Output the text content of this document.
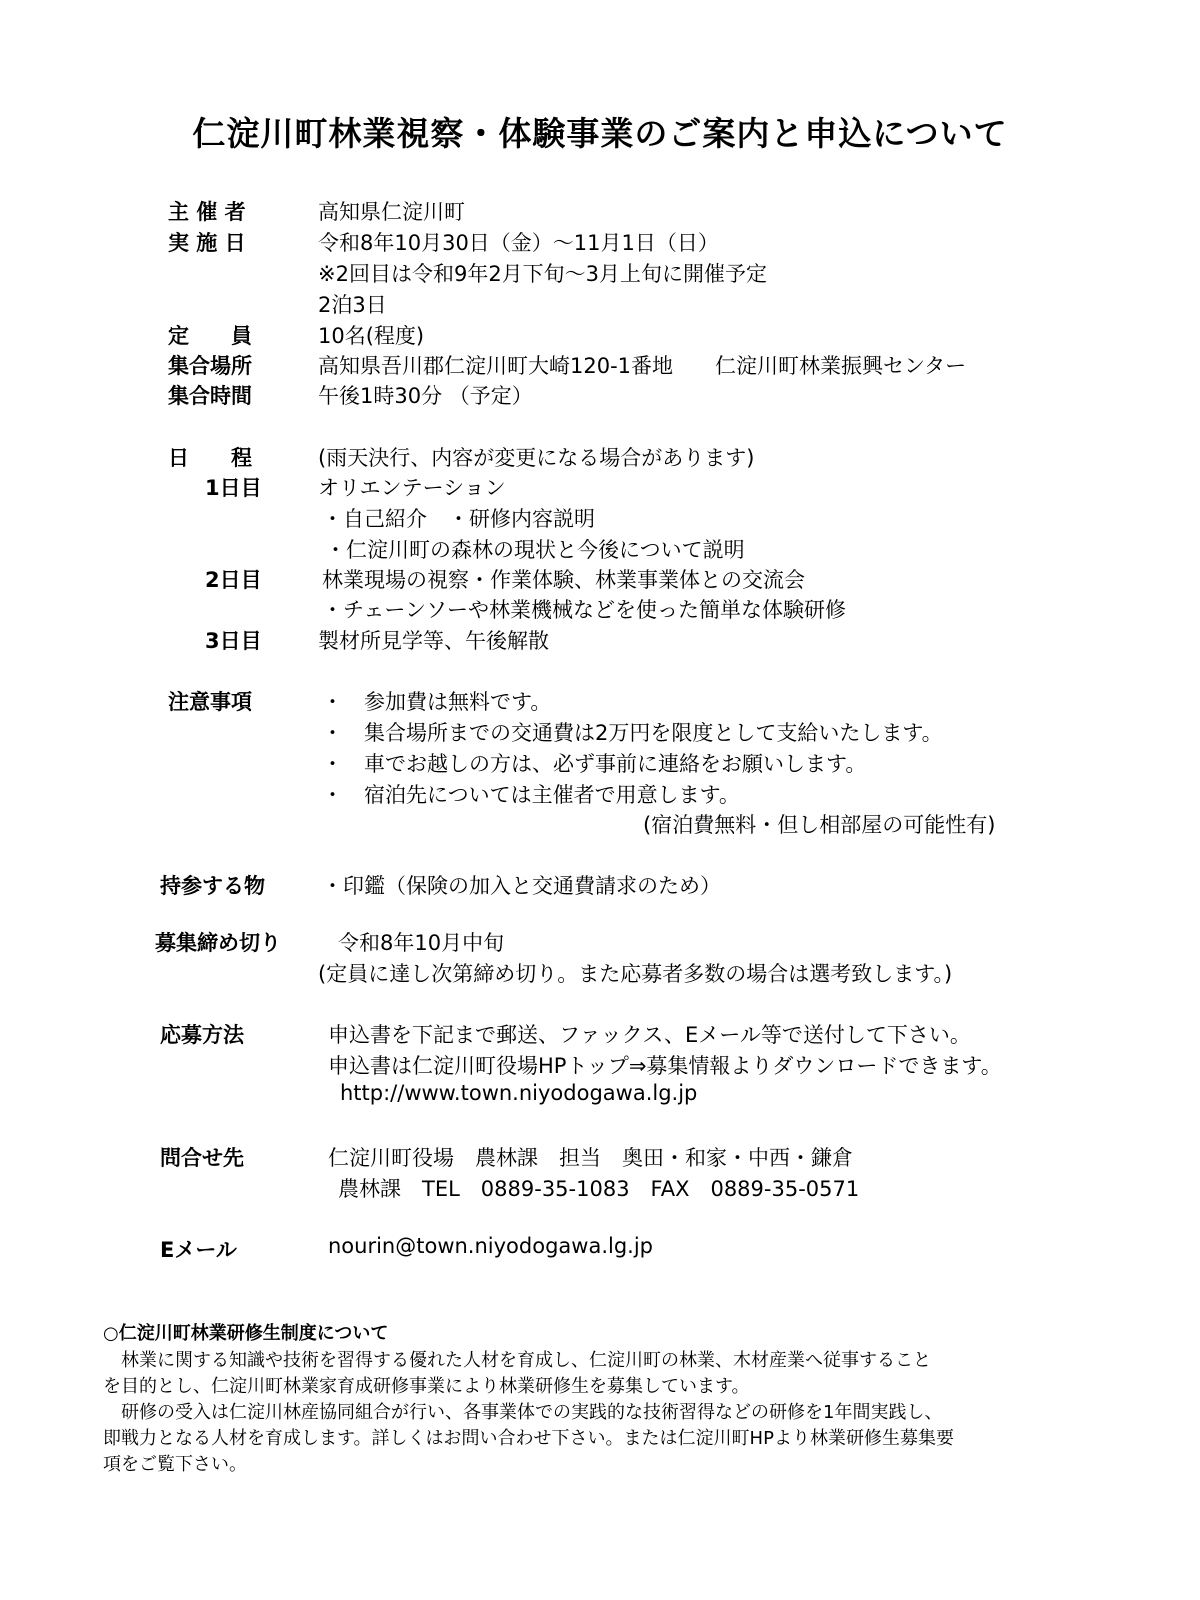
仁淀川町林業視察・体験事業のご案内と申込について
主 催 者	高知県仁淀川町
実 施 日	令和8年10月30日（金）～11月1日（日）
※2回目は令和9年2月下旬～3月上旬に開催予定
2泊3日
定　　員	10名(程度)
集合場所	高知県吾川郡仁淀川町大崎120-1番地　　仁淀川町林業振興センター
集合時間	午後1時30分 （予定）
日　　程	(雨天決行、内容が変更になる場合があります)
1日目	オリエンテーション
・自己紹介　・研修内容説明
・仁淀川町の森林の現状と今後について説明
2日目	林業現場の視察・作業体験、林業事業体との交流会
・チェーンソーや林業機械などを使った簡単な体験研修
3日目	製材所見学等、午後解散
注意事項	・　参加費は無料です。
・　集合場所までの交通費は2万円を限度として支給いたします。
・　車でお越しの方は、必ず事前に連絡をお願いします。
・　宿泊先については主催者で用意します。
(宿泊費無料・但し相部屋の可能性有)
持参する物	・印鑑（保険の加入と交通費請求のため）
募集締め切り	令和8年10月中旬
(定員に達し次第締め切り。また応募者多数の場合は選考致します。)
応募方法	申込書を下記まで郵送、ファックス、Eメール等で送付して下さい。
申込書は仁淀川町役場HPトップ⇒募集情報よりダウンロードできます。
http://www.town.niyodogawa.lg.jp
問合せ先	仁淀川町役場　農林課　担当　奥田・和家・中西・鎌倉
農林課　TEL　0889-35-1083　FAX　0889-35-0571
Eメール	nourin@town.niyodogawa.lg.jp
○仁淀川町林業研修生制度について
　林業に関する知識や技術を習得する優れた人材を育成し、仁淀川町の林業、木材産業へ従事すること
を目的とし、仁淀川町林業家育成研修事業により林業研修生を募集しています。
　研修の受入は仁淀川林産協同組合が行い、各事業体での実践的な技術習得などの研修を1年間実践し、
即戦力となる人材を育成します。詳しくはお問い合わせ下さい。または仁淀川町HPより林業研修生募集要
項をご覧下さい。
